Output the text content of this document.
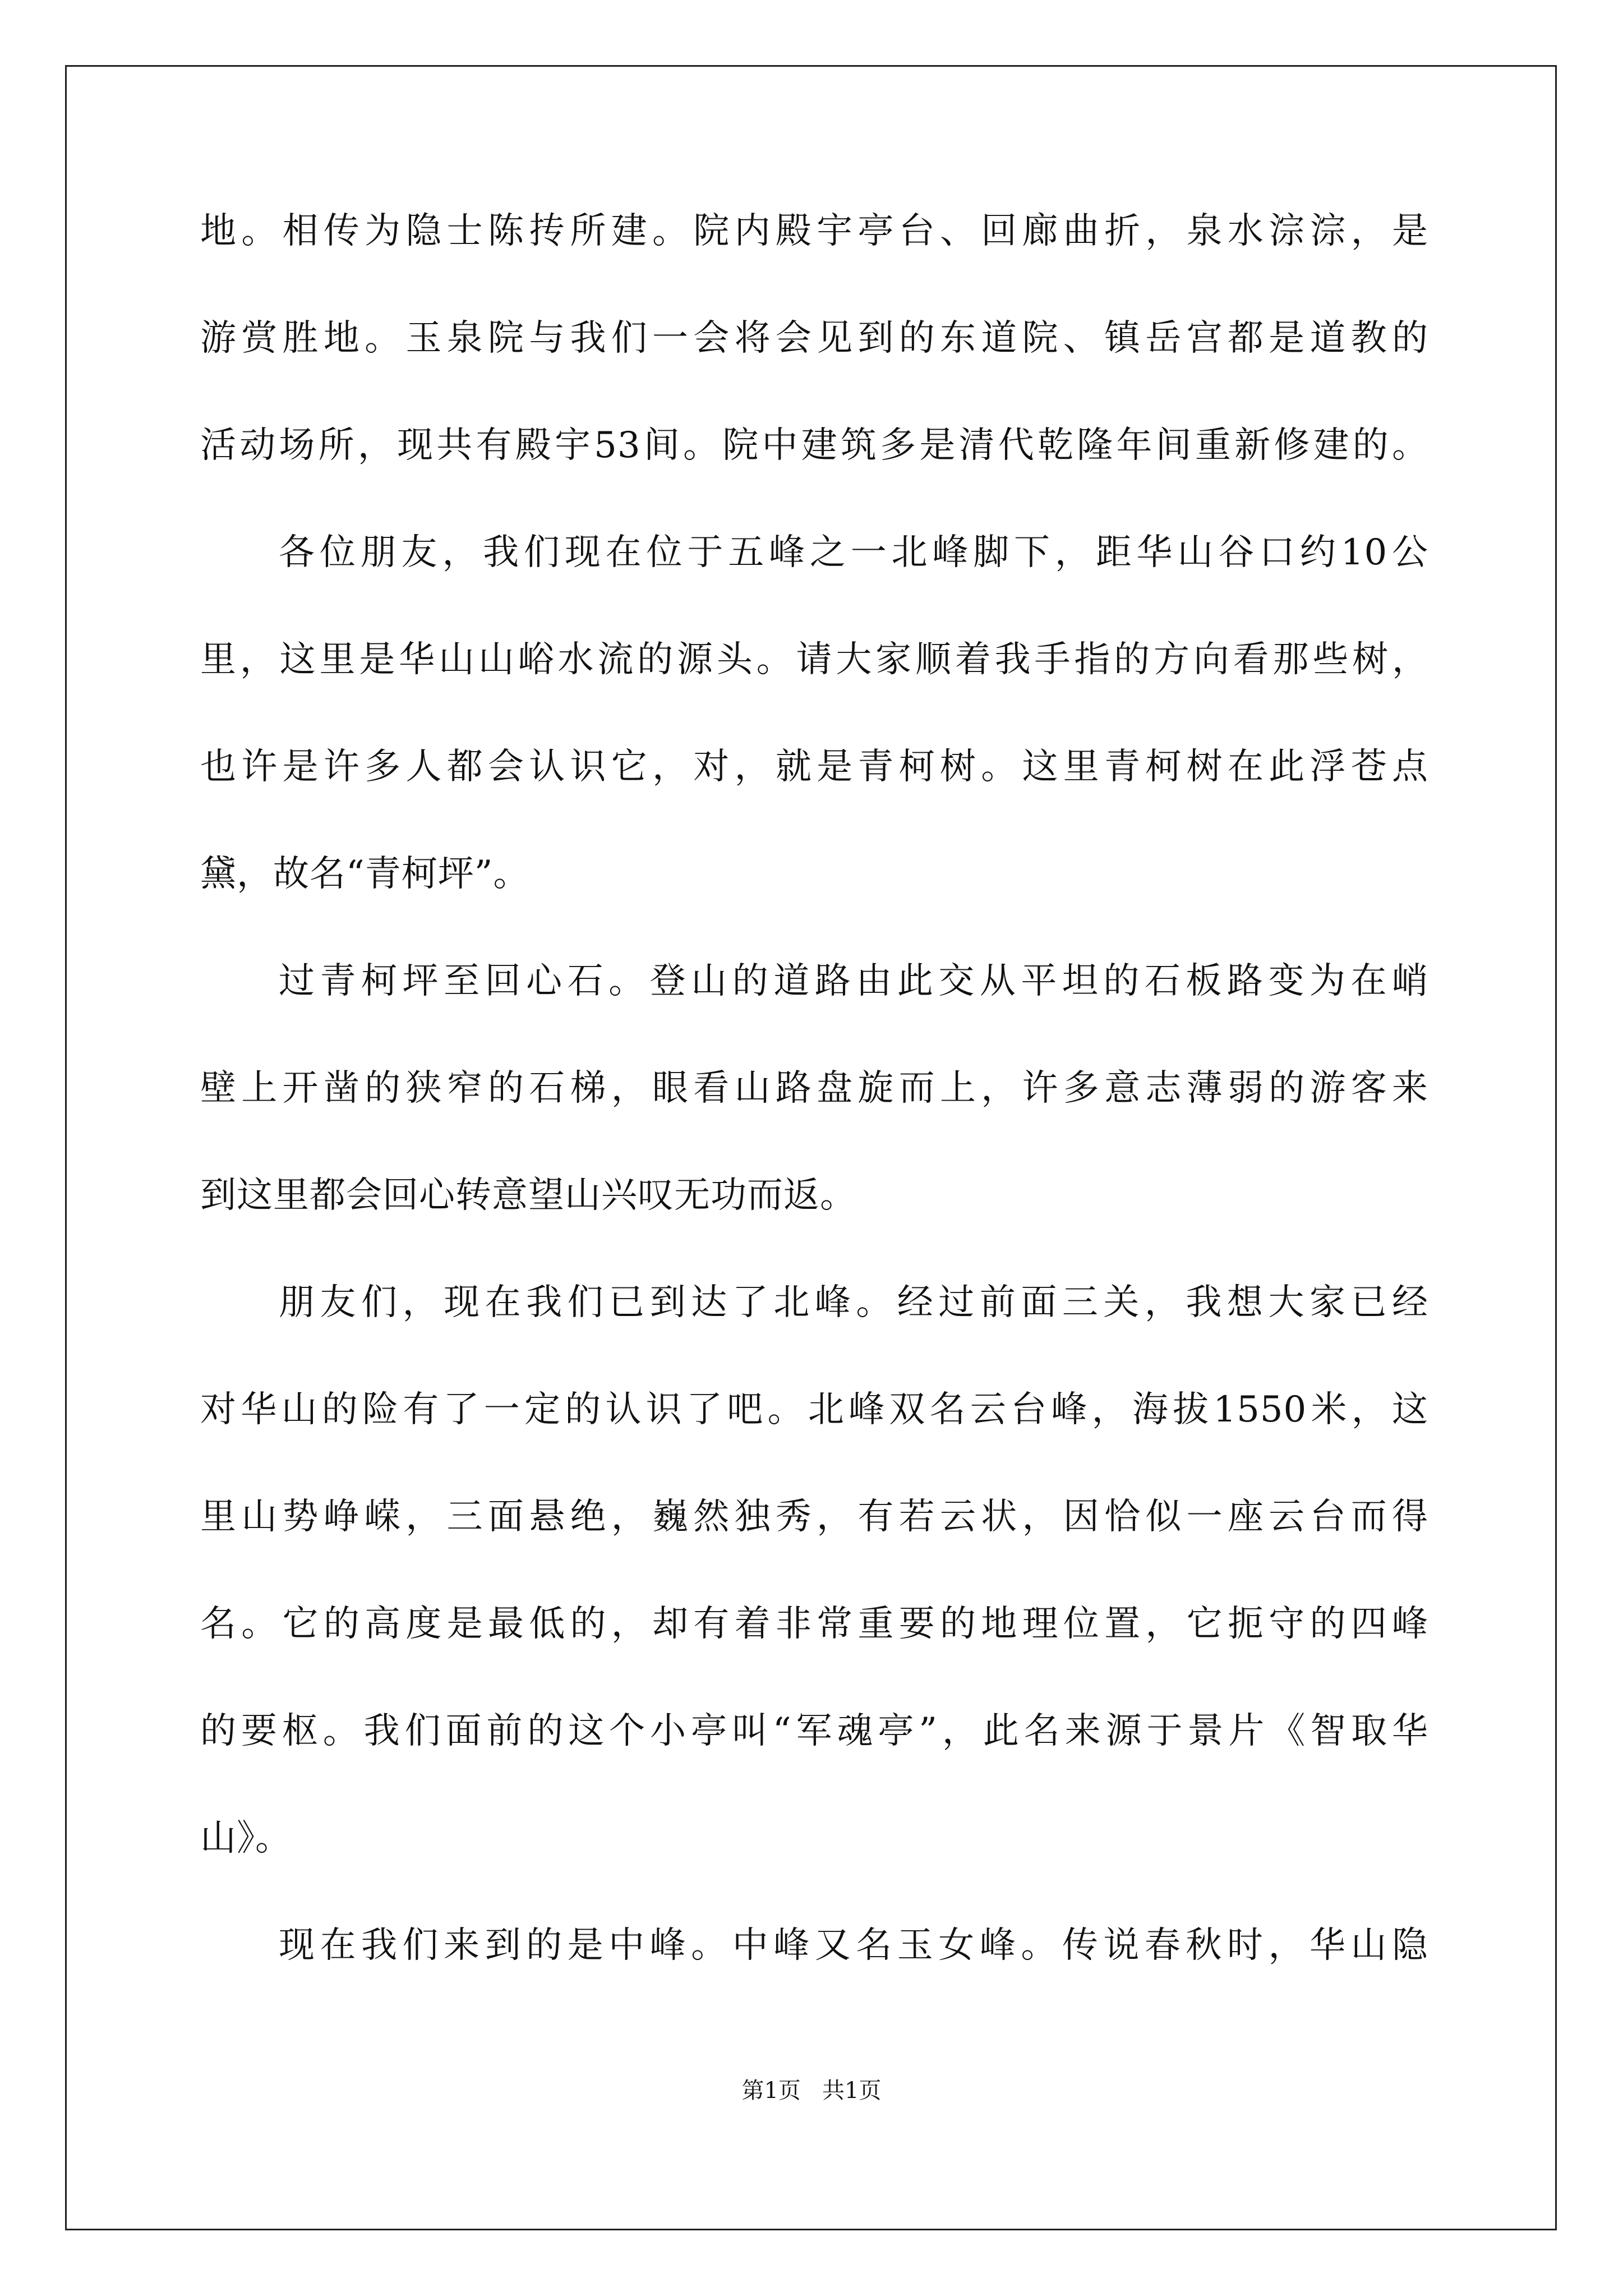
地。相传为隐士陈抟所建。院内殿宇亭台、回廊曲折，泉水淙淙，是
游赏胜地。玉泉院与我们一会将会见到的东道院、镇岳宫都是道教的
活动场所，现共有殿宇53间。院中建筑多是清代乾隆年间重新修建的。
各位朋友，我们现在位于五峰之一北峰脚下，距华山谷口约10公
里，这里是华山山峪水流的源头。请大家顺着我手指的方向看那些树，
也许是许多人都会认识它，对，就是青柯树。这里青柯树在此浮苍点
黛，故名“青柯坪”。
过青柯坪至回心石。登山的道路由此交从平坦的石板路变为在峭
壁上开凿的狭窄的石梯，眼看山路盘旋而上，许多意志薄弱的游客来
到这里都会回心转意望山兴叹无功而返。
朋友们，现在我们已到达了北峰。经过前面三关，我想大家已经
对华山的险有了一定的认识了吧。北峰双名云台峰，海拔1550米，这
里山势峥嵘，三面悬绝，巍然独秀，有若云状，因恰似一座云台而得
名。它的高度是最低的，却有着非常重要的地理位置，它扼守的四峰
的要枢。我们面前的这个小亭叫“军魂亭”，此名来源于景片《智取华
山》。
现在我们来到的是中峰。中峰又名玉女峰。传说春秋时，华山隐
第1页   共1页
